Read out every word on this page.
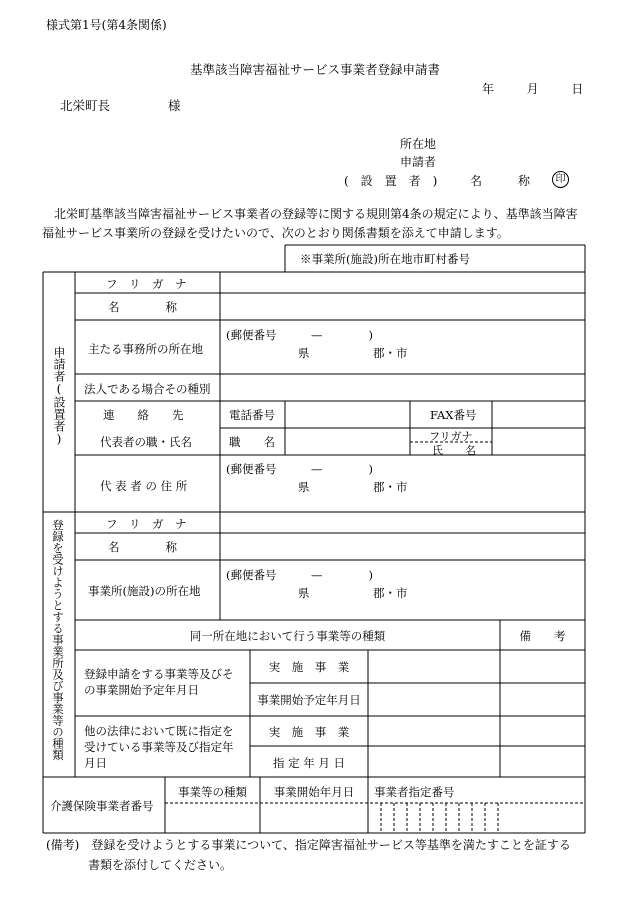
様式第1号(第4条関係)
基準該当障害福祉サービス事業者登録申請書
年	月	日
北栄町長	様
所在地
申請者
(　設　置　者　)	名　　　称	印
北栄町基準該当障害福祉サービス事業者の登録等に関する規則第4条の規定により、基準該当障害福祉サービス事業所の登録を受けたいので、次のとおり関係書類を添えて申請します。
※事業所(施設)所在地市町村番号
申請者(設置者)
フ　リ　ガ　ナ
名　　　　称
主たる事務所の所在地
(郵便番号　　　—　　　　)
県	郡・市
法人である場合その種別
連　　絡　　先	電話番号	FAX番号
代表者の職・氏名	職　　名	フリガナ
氏　　名
代 表 者 の 住 所
(郵便番号　　　—　　　　)
県	郡・市
登録を受けようとする事業所及び事業等の種類	フ　リ　ガ　ナ
名　　　　称
事業所(施設)の所在地
(郵便番号　　　—　　　　)
県	郡・市
同一所在地において行う事業等の種類	備　　考
登録申請をする事業等及びその事業開始予定年月日
実　施　事　業
事業開始予定年月日
他の法律において既に指定を受けている事業等及び指定年月日
実　施　事　業
指 定 年 月 日
介護保険事業者番号
事業等の種類	事業開始年月日	事業者指定番号
(備考) 登録を受けようとする事業について、指定障害福祉サービス等基準を満たすことを証する
書類を添付してください。
